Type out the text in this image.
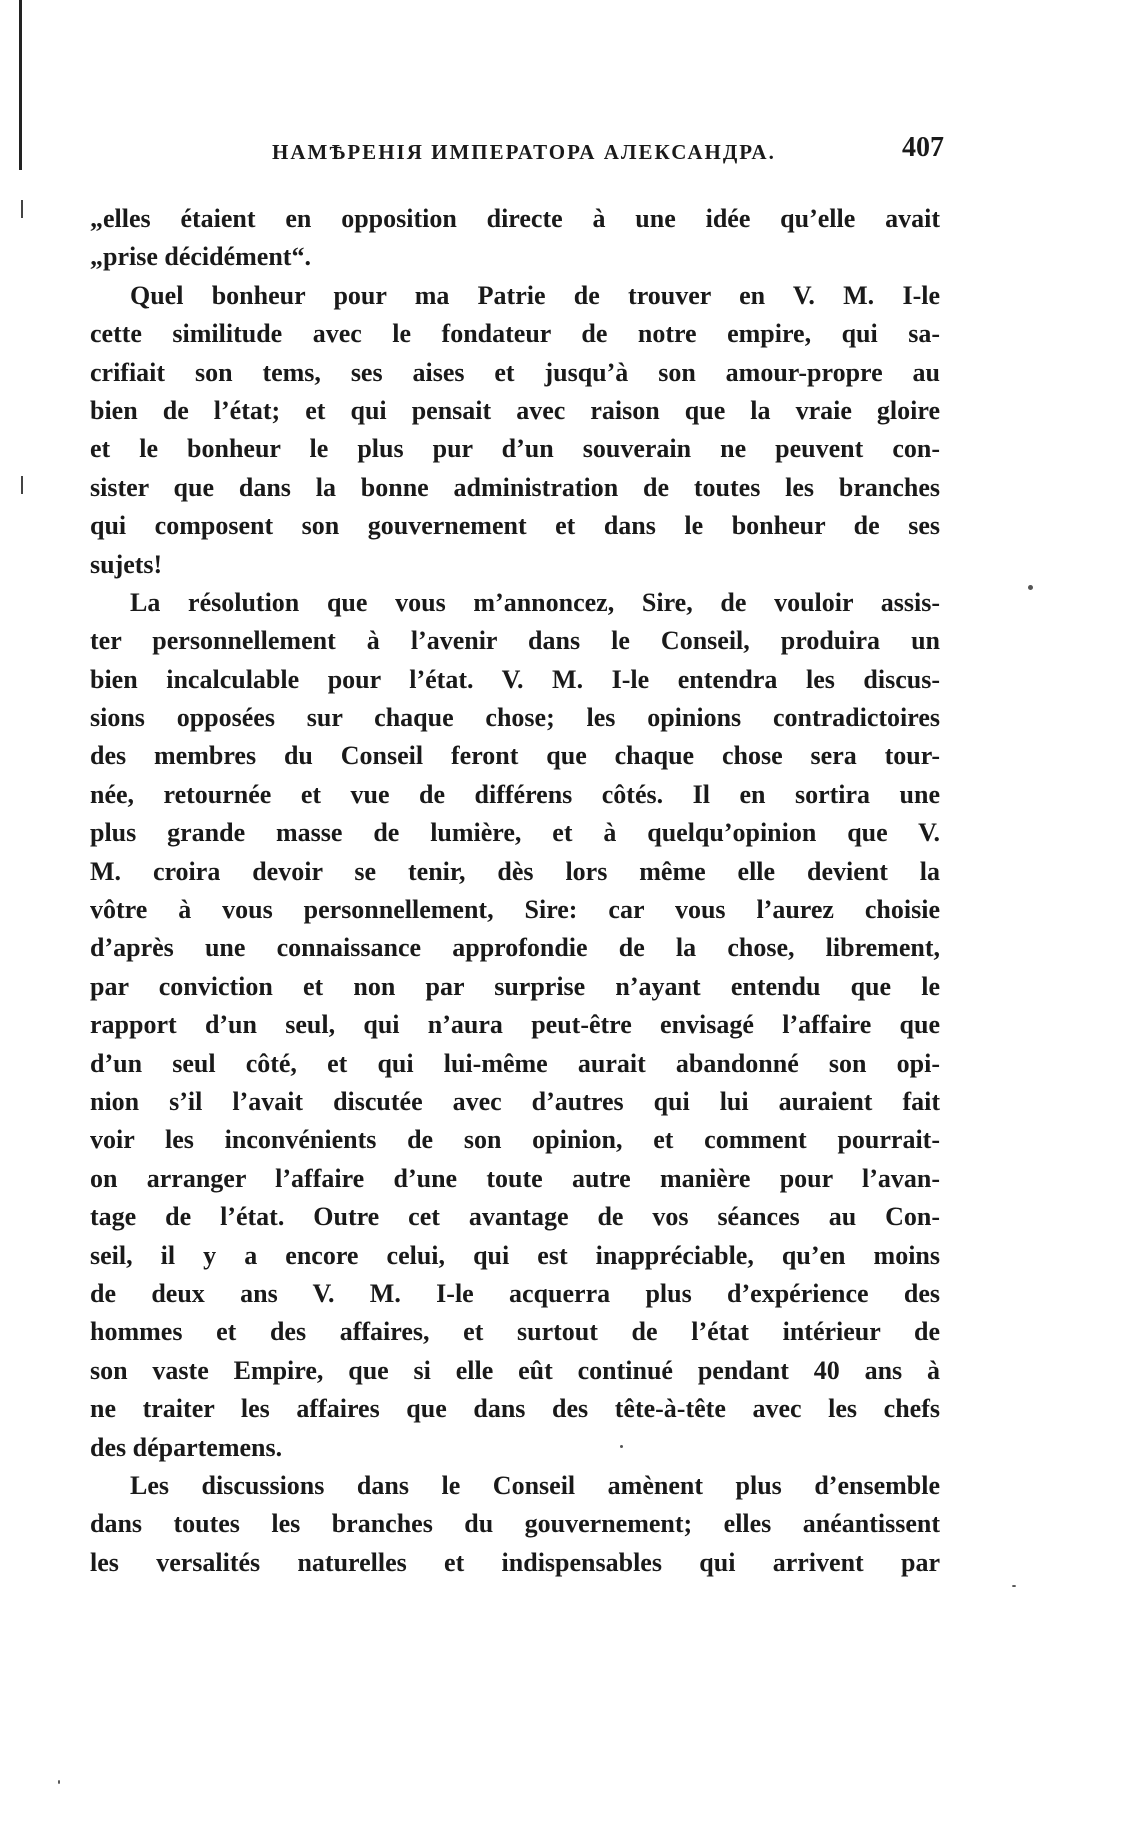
НАМѢРЕНІЯ ИМПЕРАТОРА АЛЕКСАНДРА.	407
„elles étaient en opposition directe à une idée qu’elle avait
„prise décidément“.
Quel bonheur pour ma Patrie de trouver en V. M. I-le
cette similitude avec le fondateur de notre empire, qui sa-
crifiait son tems, ses aises et jusqu’à son amour-propre au
bien de l’état; et qui pensait avec raison que la vraie gloire
et le bonheur le plus pur d’un souverain ne peuvent con-
sister que dans la bonne administration de toutes les branches
qui composent son gouvernement et dans le bonheur de ses
sujets!
La résolution que vous m’annoncez, Sire, de vouloir assis-
ter personnellement à l’avenir dans le Conseil, produira un
bien incalculable pour l’état. V. M. I-le entendra les discus-
sions opposées sur chaque chose; les opinions contradictoires
des membres du Conseil feront que chaque chose sera tour-
née, retournée et vue de différens côtés. Il en sortira une
plus grande masse de lumière, et à quelqu’opinion que V.
M. croira devoir se tenir, dès lors même elle devient la
vôtre à vous personnellement, Sire: car vous l’aurez choisie
d’après une connaissance approfondie de la chose, librement,
par conviction et non par surprise n’ayant entendu que le
rapport d’un seul, qui n’aura peut-être envisagé l’affaire que
d’un seul côté, et qui lui-même aurait abandonné son opi-
nion s’il l’avait discutée avec d’autres qui lui auraient fait
voir les inconvénients de son opinion, et comment pourrait-
on arranger l’affaire d’une toute autre manière pour l’avan-
tage de l’état. Outre cet avantage de vos séances au Con-
seil, il y a encore celui, qui est inappréciable, qu’en moins
de deux ans V. M. I-le acquerra plus d’expérience des
hommes et des affaires, et surtout de l’état intérieur de
son vaste Empire, que si elle eût continué pendant 40 ans à
ne traiter les affaires que dans des tête-à-tête avec les chefs
des départemens.
Les discussions dans le Conseil amènent plus d’ensemble
dans toutes les branches du gouvernement; elles anéantissent
les versalités naturelles et indispensables qui arrivent par
